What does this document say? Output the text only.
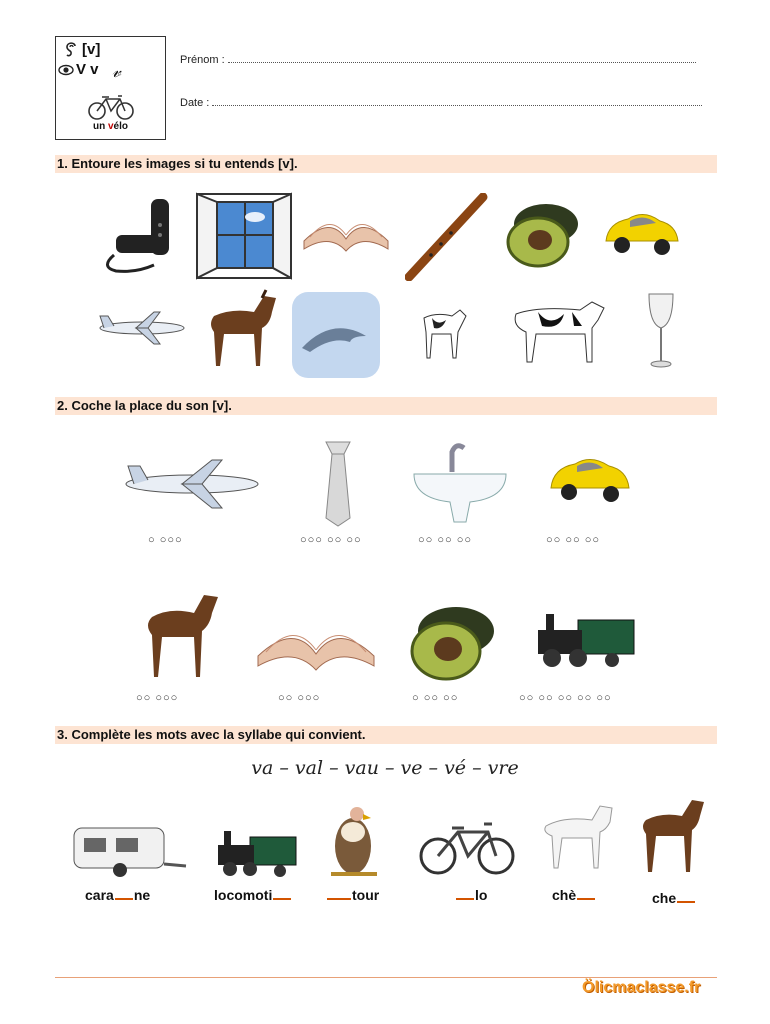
[v]
V v 𝓋
un vélo
Prénom :
Date :
1. Entoure les images si tu entends [v].
2. Coche la place du son [v].
○ ○○○	○○○ ○○ ○○	○○ ○○ ○○	○○ ○○ ○○
○○ ○○○	○○ ○○○	○ ○○ ○○	○○ ○○ ○○ ○○ ○○
3. Complète les mots avec la syllabe qui convient.
va – val – vau – ve – vé – vre
cara ne	locomoti	tour	lo	chè	che
Ölicmaclasse.fr
